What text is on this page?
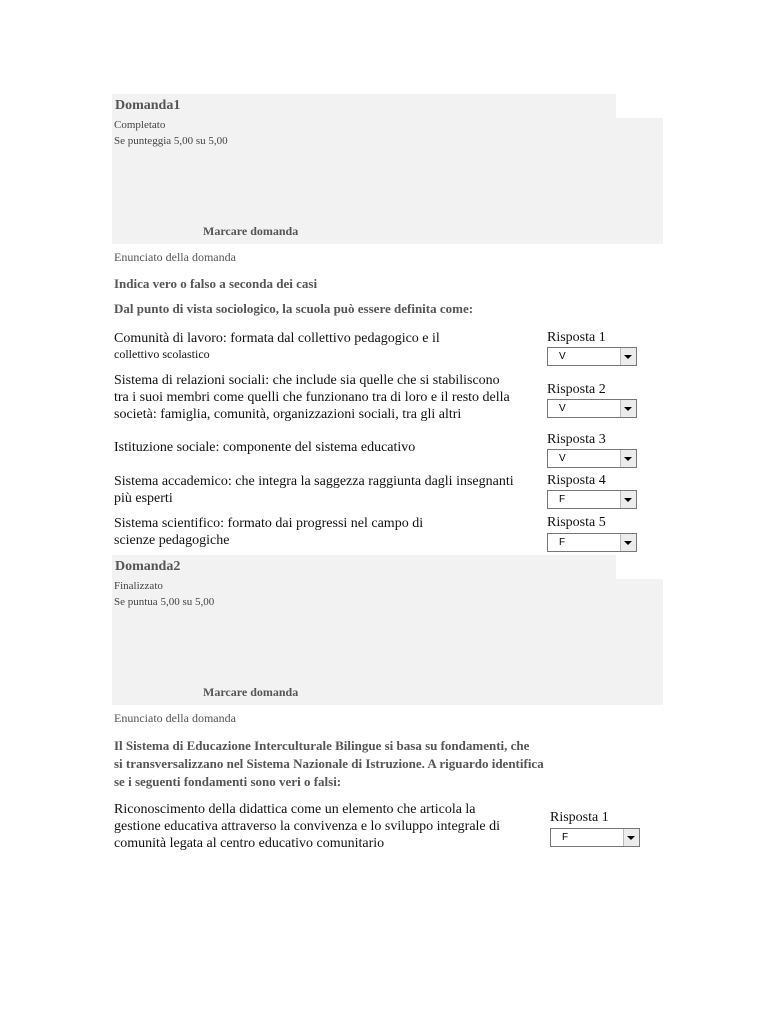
Domanda1
Completato
Se punteggia 5,00 su 5,00
Marcare domanda
Enunciato della domanda
Indica vero o falso a seconda dei casi
Dal punto di vista sociologico, la scuola può essere definita come:
Comunità di lavoro: formata dal collettivo pedagogico e il
collettivo scolastico
Risposta 1
V
Sistema di relazioni sociali: che include sia quelle che si stabiliscono
tra i suoi membri come quelli che funzionano tra di loro e il resto della
società: famiglia, comunità, organizzazioni sociali, tra gli altri
Risposta 2
V
Istituzione sociale: componente del sistema educativo
Risposta 3
V
Sistema accademico: che integra la saggezza raggiunta dagli insegnanti
più esperti
Risposta 4
F
Sistema scientifico: formato dai progressi nel campo di
scienze pedagogiche
Risposta 5
F
Domanda2
Finalizzato
Se puntua 5,00 su 5,00
Marcare domanda
Enunciato della domanda
Il Sistema di Educazione Interculturale Bilingue si basa su fondamenti, che
si transversalizzano nel Sistema Nazionale di Istruzione. A riguardo identifica
se i seguenti fondamenti sono veri o falsi:
Riconoscimento della didattica come un elemento che articola la
gestione educativa attraverso la convivenza e lo sviluppo integrale di
comunità legata al centro educativo comunitario
Risposta 1
F
